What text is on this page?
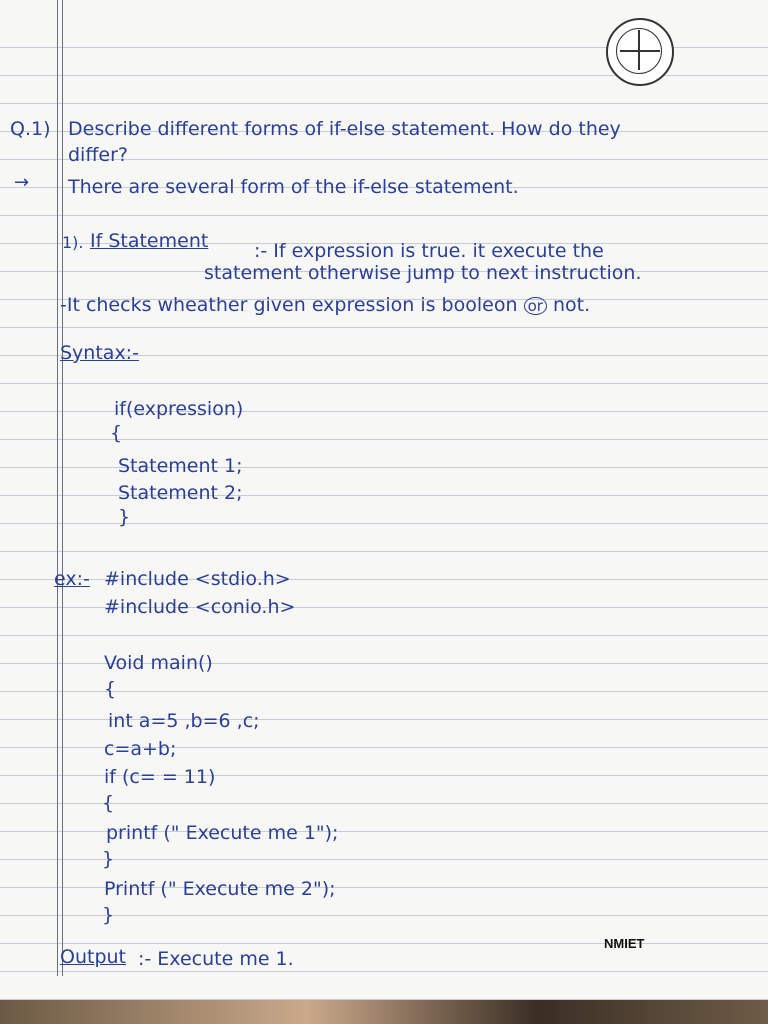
Q.1) Describe different forms of if-else statement. How do they
differ?
→ There are several form of the if-else statement.
1). If Statement :- If expression is true. it execute the
statement otherwise jump to next instruction.
-It checks wheather given expression is booleon or not.
Syntax:-
if(expression)
{
Statement 1;
Statement 2;
}
ex:- #include <stdio.h>
#include <conio.h>
Void main()
{
int a=5 ,b=6 ,c;
c=a+b;
if (c= = 11)
{
printf (" Execute me 1");
}
Printf (" Execute me 2");
}
Output :- Execute me 1.
NMIET
